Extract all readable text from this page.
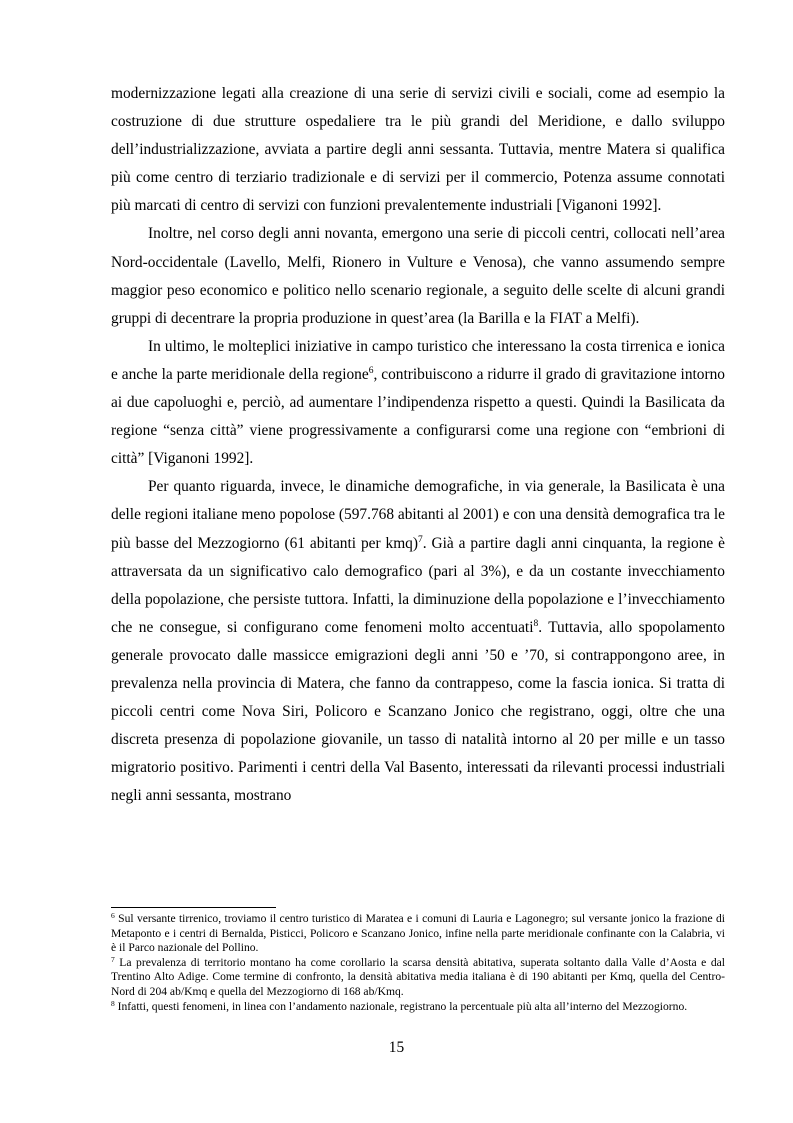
modernizzazione legati alla creazione di una serie di servizi civili e sociali, come ad esempio la costruzione di due strutture ospedaliere tra le più grandi del Meridione, e dallo sviluppo dell’industrializzazione, avviata a partire degli anni sessanta. Tuttavia, mentre Matera si qualifica più come centro di terziario tradizionale e di servizi per il commercio, Potenza assume connotati più marcati di centro di servizi con funzioni prevalentemente industriali [Viganoni 1992].

Inoltre, nel corso degli anni novanta, emergono una serie di piccoli centri, collocati nell’area Nord-occidentale (Lavello, Melfi, Rionero in Vulture e Venosa), che vanno assumendo sempre maggior peso economico e politico nello scenario regionale, a seguito delle scelte di alcuni grandi gruppi di decentrare la propria produzione in quest’area (la Barilla e la FIAT a Melfi).

In ultimo, le molteplici iniziative in campo turistico che interessano la costa tirrenica e ionica e anche la parte meridionale della regione$^6$, contribuiscono a ridurre il grado di gravitazione intorno ai due capoluoghi e, perciò, ad aumentare l’indipendenza rispetto a questi. Quindi la Basilicata da regione “senza città” viene progressivamente a configurarsi come una regione con “embrioni di città” [Viganoni 1992].

Per quanto riguarda, invece, le dinamiche demografiche, in via generale, la Basilicata è una delle regioni italiane meno popolose (597.768 abitanti al 2001) e con una densità demografica tra le più basse del Mezzogiorno (61 abitanti per kmq)$^7$. Già a partire dagli anni cinquanta, la regione è attraversata da un significativo calo demografico (pari al 3%), e da un costante invecchiamento della popolazione, che persiste tuttora. Infatti, la diminuzione della popolazione e l’invecchiamento che ne consegue, si configurano come fenomeni molto accentuati$^8$. Tuttavia, allo spopolamento generale provocato dalle massicce emigrazioni degli anni ’50 e ’70, si contrappongono aree, in prevalenza nella provincia di Matera, che fanno da contrappeso, come la fascia ionica. Si tratta di piccoli centri come Nova Siri, Policoro e Scanzano Jonico che registrano, oggi, oltre che una discreta presenza di popolazione giovanile, un tasso di natalità intorno al 20 per mille e un tasso migratorio positivo. Parimenti i centri della Val Basento, interessati da rilevanti processi industriali negli anni sessanta, mostrano

$^6$ Sul versante tirrenico, troviamo il centro turistico di Maratea e i comuni di Lauria e Lagonegro; sul versante jonico la frazione di Metaponto e i centri di Bernalda, Pisticci, Policoro e Scanzano Jonico, infine nella parte meridionale confinante con la Calabria, vi è il Parco nazionale del Pollino.

$^7$ La prevalenza di territorio montano ha come corollario la scarsa densità abitativa, superata soltanto dalla Valle d’Aosta e dal Trentino Alto Adige. Come termine di confronto, la densità abitativa media italiana è di 190 abitanti per Kmq, quella del Centro-Nord di 204 ab/Kmq e quella del Mezzogiorno di 168 ab/Kmq.

$^8$ Infatti, questi fenomeni, in linea con l’andamento nazionale, registrano la percentuale più alta all’interno del Mezzogiorno.

15
